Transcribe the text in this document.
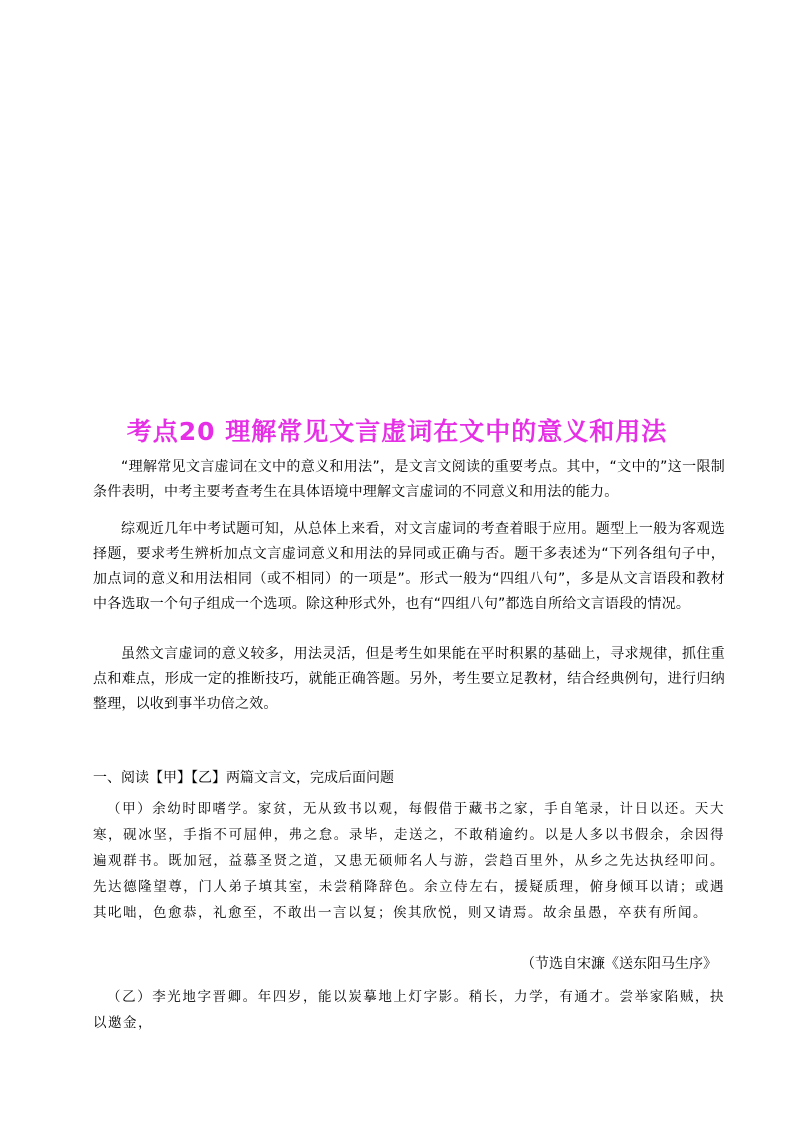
考点20 理解常见文言虚词在文中的意义和用法

“理解常见文言虚词在文中的意义和用法”，是文言文阅读的重要考点。其中，“文中的”这一限制条件表明，中考主要考查考生在具体语境中理解文言虚词的不同意义和用法的能力。

综观近几年中考试题可知，从总体上来看，对文言虚词的考查着眼于应用。题型上一般为客观选择题，要求考生辨析加点文言虚词意义和用法的异同或正确与否。题干多表述为“下列各组句子中，加点词的意义和用法相同（或不相同）的一项是”。形式一般为“四组八句”，多是从文言语段和教材中各选取一个句子组成一个选项。除这种形式外，也有“四组八句”都选自所给文言语段的情况。

虽然文言虚词的意义较多，用法灵活，但是考生如果能在平时积累的基础上，寻求规律，抓住重点和难点，形成一定的推断技巧，就能正确答题。另外，考生要立足教材，结合经典例句，进行归纳整理，以收到事半功倍之效。

一、阅读【甲】【乙】两篇文言文，完成后面问题

（甲）余幼时即嗜学。家贫，无从致书以观，每假借于藏书之家，手自笔录，计日以还。天大寒，砚冰坚，手指不可屈伸，弗之怠。录毕，走送之，不敢稍逾约。以是人多以书假余，余因得遍观群书。既加冠，益慕圣贤之道，又患无硕师名人与游，尝趋百里外，从乡之先达执经叩问。先达德隆望尊，门人弟子填其室，未尝稍降辞色。余立侍左右，援疑质理，俯身倾耳以请；或遇其叱咄，色愈恭，礼愈至，不敢出一言以复；俟其欣悦，则又请焉。故余虽愚，卒获有所闻。

（节选自宋濂《送东阳马生序》

（乙）李光地字晋卿。年四岁，能以炭摹地上灯字影。稍长，力学，有通才。尝举家陷贼，抉以邀金，
